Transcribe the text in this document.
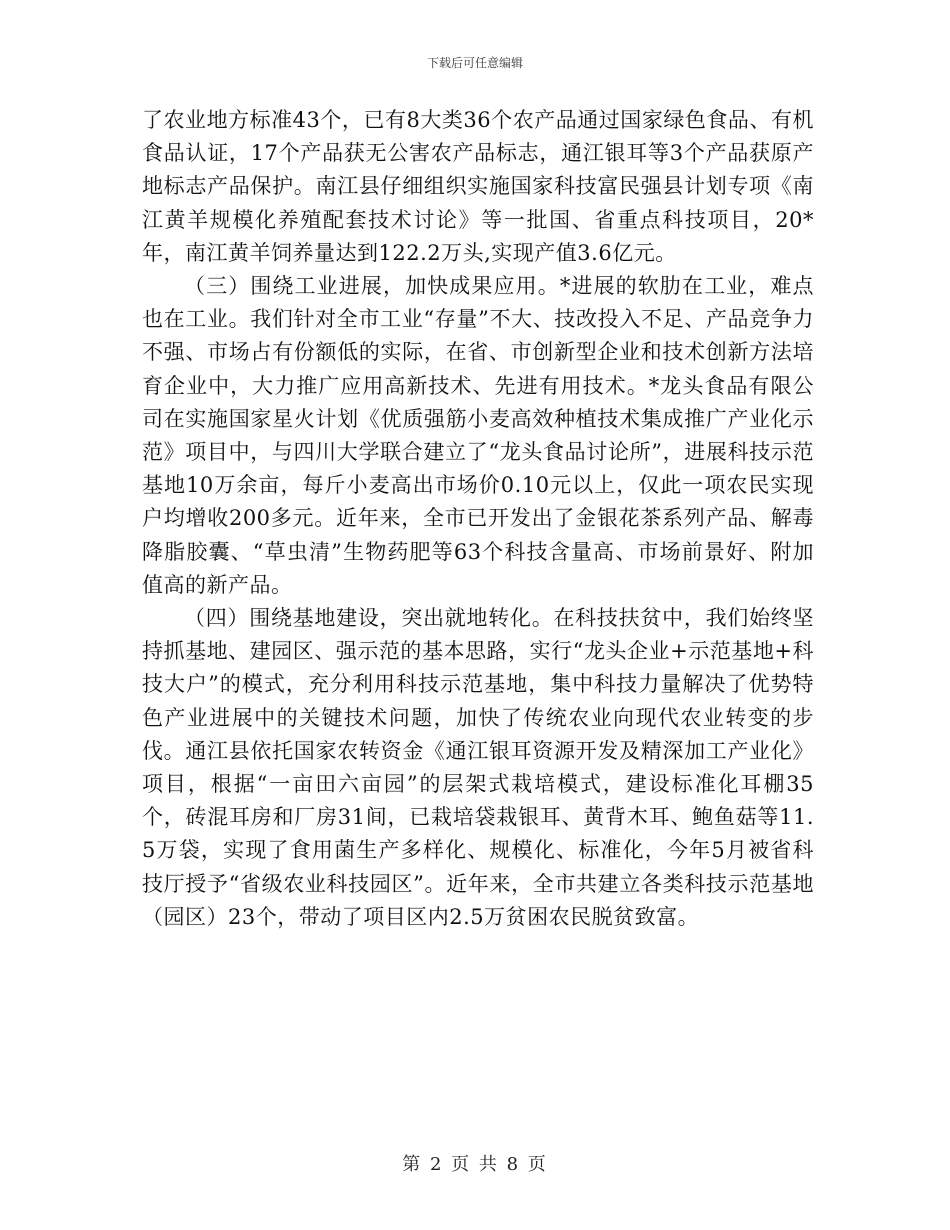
下载后可任意编辑

了农业地方标准43个，已有8大类36个农产品通过国家绿色食品、有机食品认证，17个产品获无公害农产品标志，通江银耳等3个产品获原产地标志产品保护。南江县仔细组织实施国家科技富民强县计划专项《南江黄羊规模化养殖配套技术讨论》等一批国、省重点科技项目，20*年，南江黄羊饲养量达到122.2万头,实现产值3.6亿元。

（三）围绕工业进展，加快成果应用。*进展的软肋在工业，难点也在工业。我们针对全市工业“存量”不大、技改投入不足、产品竞争力不强、市场占有份额低的实际，在省、市创新型企业和技术创新方法培育企业中，大力推广应用高新技术、先进有用技术。*龙头食品有限公司在实施国家星火计划《优质强筋小麦高效种植技术集成推广产业化示范》项目中，与四川大学联合建立了“龙头食品讨论所”，进展科技示范基地10万余亩，每斤小麦高出市场价0.10元以上，仅此一项农民实现户均增收200多元。近年来，全市已开发出了金银花茶系列产品、解毒降脂胶囊、“草虫清”生物药肥等63个科技含量高、市场前景好、附加值高的新产品。

（四）围绕基地建设，突出就地转化。在科技扶贫中，我们始终坚持抓基地、建园区、强示范的基本思路，实行“龙头企业+示范基地+科技大户”的模式，充分利用科技示范基地，集中科技力量解决了优势特色产业进展中的关键技术问题，加快了传统农业向现代农业转变的步伐。通江县依托国家农转资金《通江银耳资源开发及精深加工产业化》项目，根据“一亩田六亩园”的层架式栽培模式，建设标准化耳棚35个，砖混耳房和厂房31间，已栽培袋栽银耳、黄背木耳、鲍鱼菇等11.5万袋，实现了食用菌生产多样化、规模化、标准化，今年5月被省科技厅授予“省级农业科技园区”。近年来，全市共建立各类科技示范基地（园区）23个，带动了项目区内2.5万贫困农民脱贫致富。

第 2 页 共 8 页
